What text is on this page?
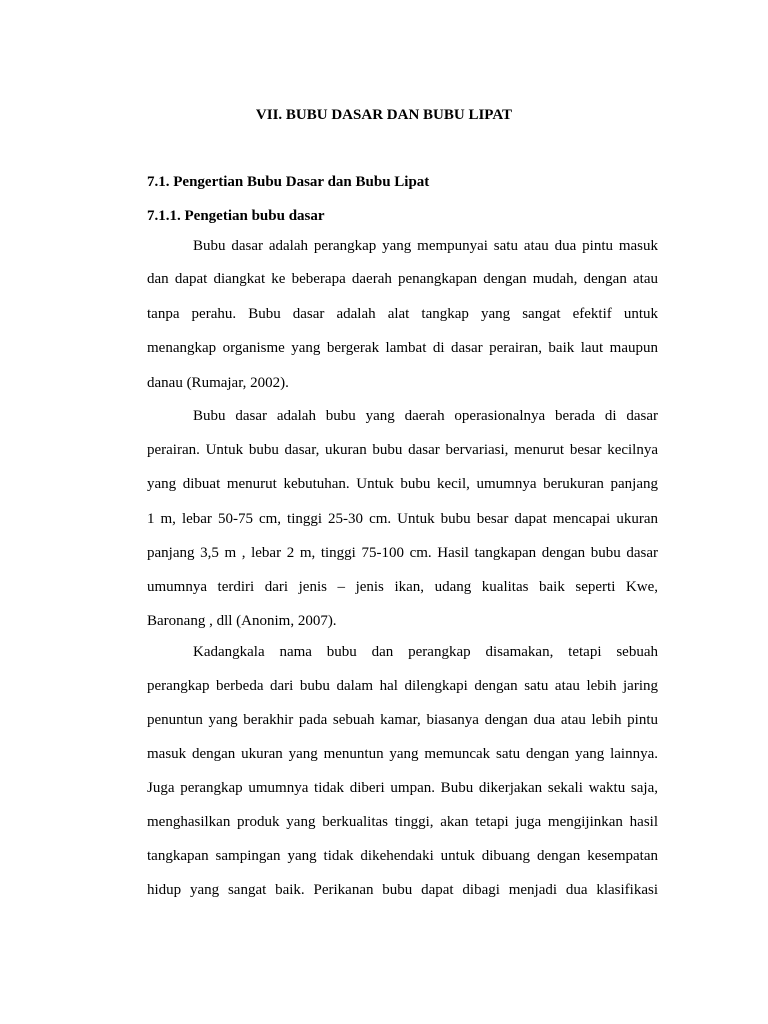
VII. BUBU DASAR DAN BUBU LIPAT
7.1. Pengertian Bubu Dasar dan Bubu Lipat
7.1.1. Pengetian bubu dasar
Bubu dasar adalah perangkap yang mempunyai satu atau dua pintu masuk
dan dapat diangkat ke beberapa daerah penangkapan dengan mudah, dengan atau
tanpa perahu. Bubu dasar adalah alat tangkap yang sangat efektif untuk
menangkap organisme yang bergerak lambat di dasar perairan, baik laut maupun
danau (Rumajar, 2002).
Bubu dasar adalah bubu yang daerah operasionalnya berada di dasar
perairan. Untuk bubu dasar, ukuran bubu dasar bervariasi, menurut besar kecilnya
yang dibuat menurut kebutuhan. Untuk bubu kecil, umumnya berukuran panjang
1 m, lebar 50-75 cm, tinggi 25-30 cm. Untuk bubu besar dapat mencapai ukuran
panjang 3,5 m , lebar 2 m, tinggi 75-100 cm. Hasil tangkapan dengan bubu dasar
umumnya terdiri dari jenis – jenis ikan, udang kualitas baik seperti Kwe,
Baronang , dll (Anonim, 2007).
Kadangkala nama bubu dan perangkap disamakan, tetapi sebuah
perangkap berbeda dari bubu dalam hal dilengkapi dengan satu atau lebih jaring
penuntun yang berakhir pada sebuah kamar, biasanya dengan dua atau lebih pintu
masuk dengan ukuran yang menuntun yang memuncak satu dengan yang lainnya.
Juga perangkap umumnya tidak diberi umpan. Bubu dikerjakan sekali waktu saja,
menghasilkan produk yang berkualitas tinggi, akan tetapi juga mengijinkan hasil
tangkapan sampingan yang tidak dikehendaki untuk dibuang dengan kesempatan
hidup yang sangat baik. Perikanan bubu dapat dibagi menjadi dua klasifikasi
